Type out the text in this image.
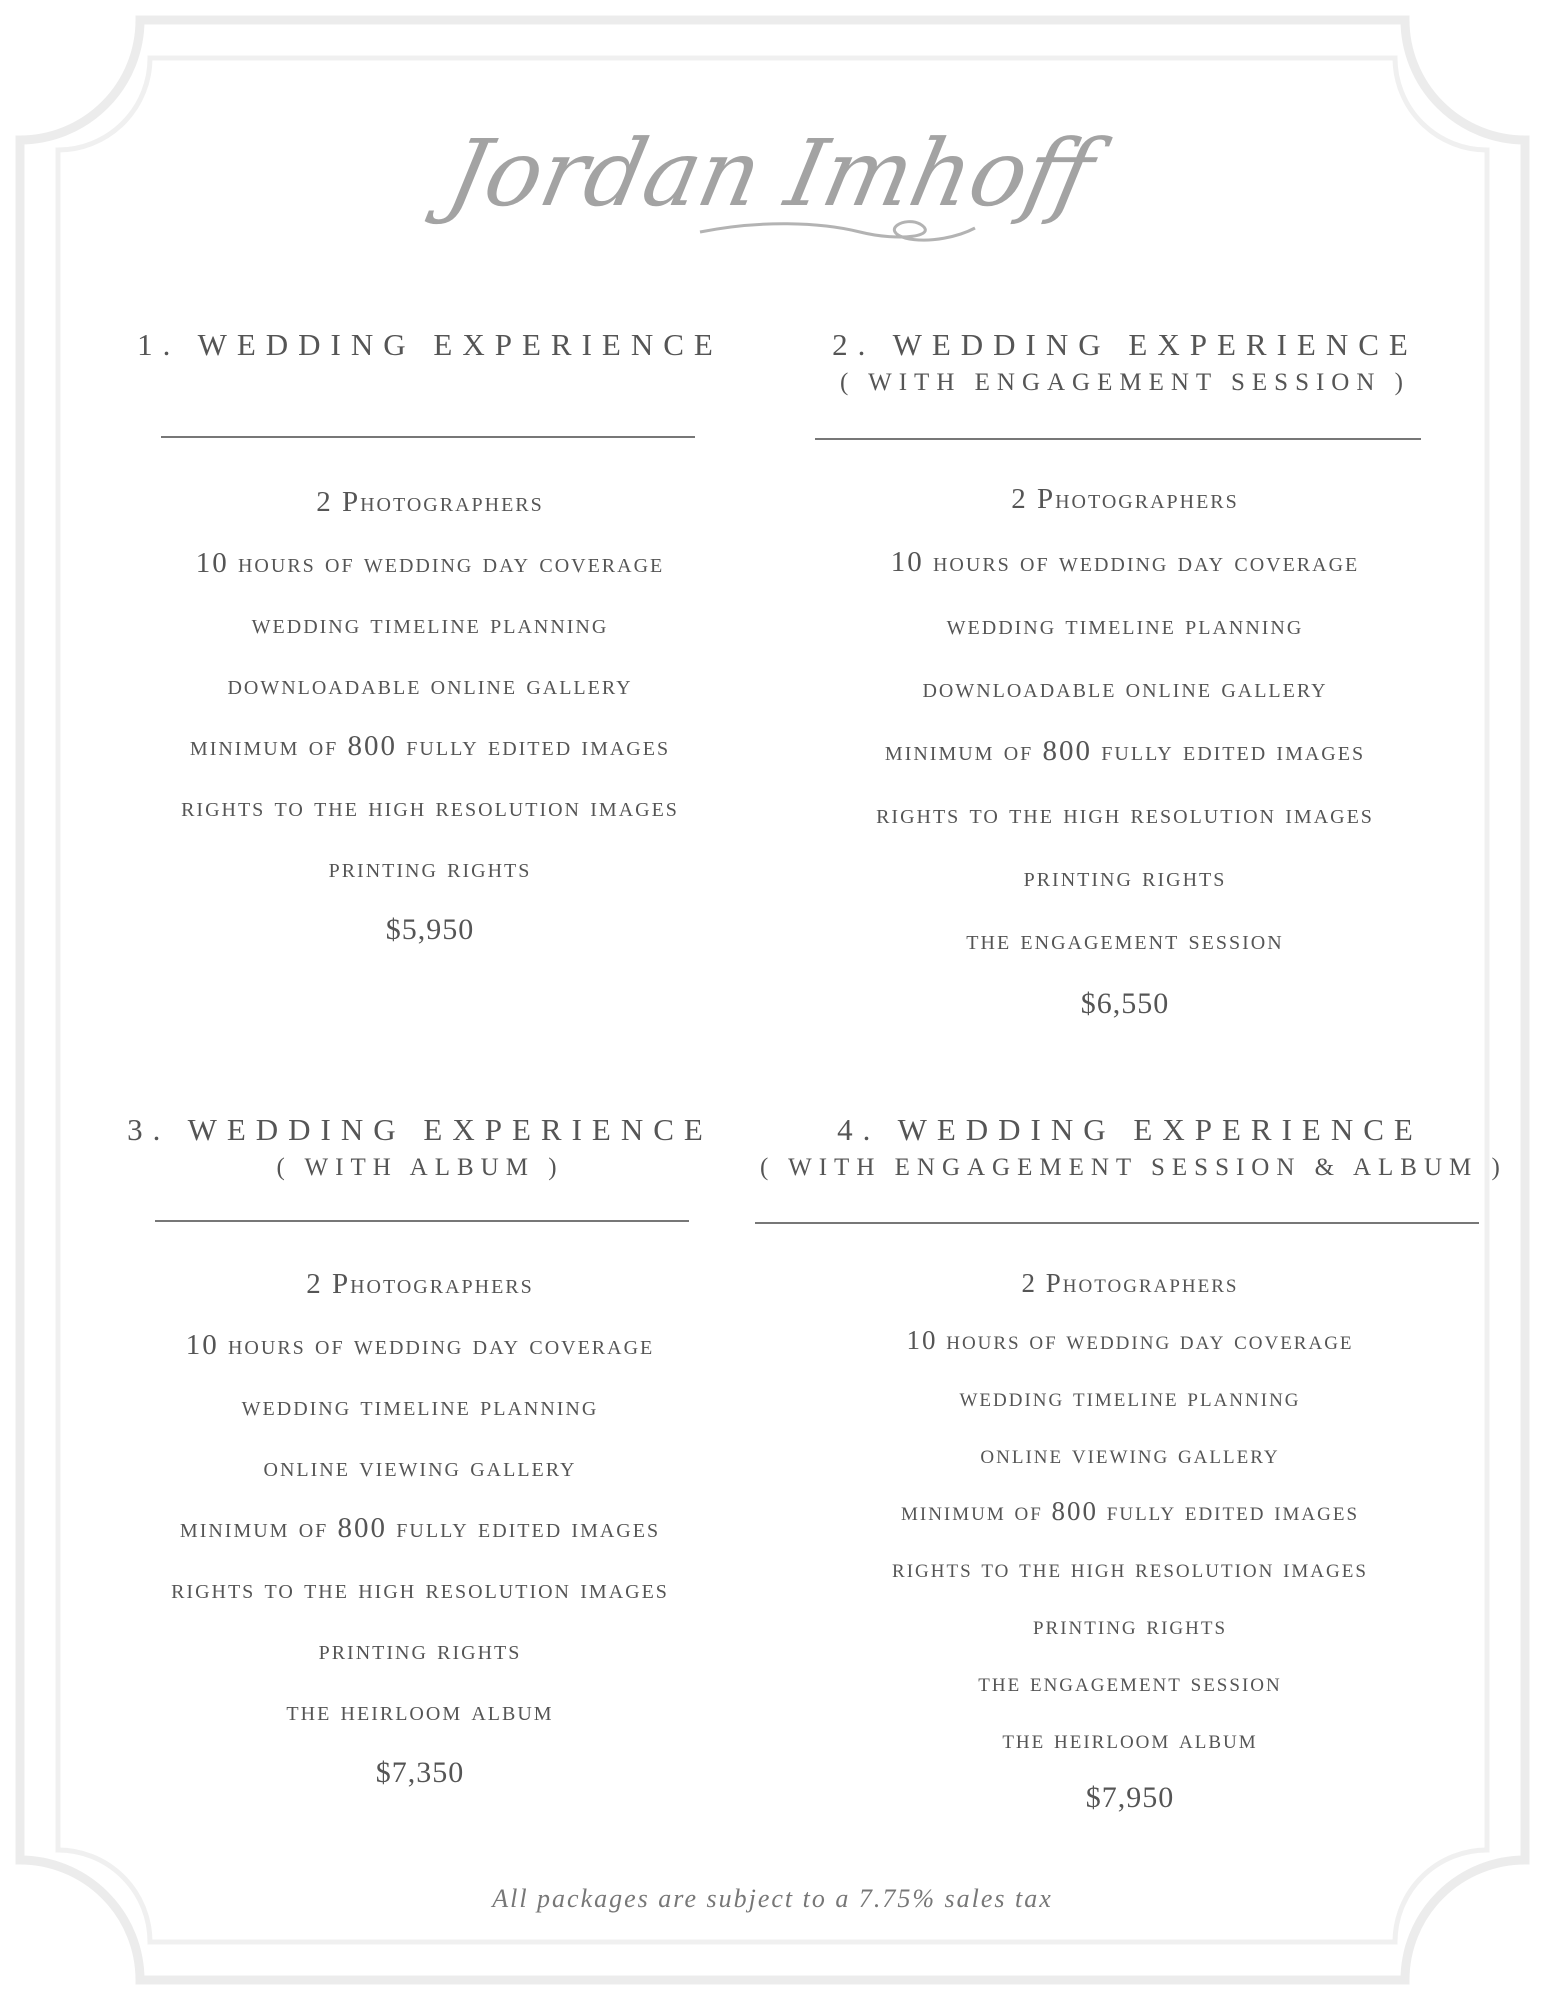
Jordan Imhoff

1. WEDDING EXPERIENCE

2 Photographers
10 hours of wedding day coverage
wedding timeline planning
downloadable online gallery
minimum of 800 fully edited images
rights to the high resolution images
printing rights
$5,950

2. WEDDING EXPERIENCE

( WITH ENGAGEMENT SESSION )

2 Photographers
10 hours of wedding day coverage
wedding timeline planning
downloadable online gallery
minimum of 800 fully edited images
rights to the high resolution images
printing rights
the engagement session
$6,550

3. WEDDING EXPERIENCE

( WITH ALBUM )

2 Photographers
10 hours of wedding day coverage
wedding timeline planning
online viewing gallery
minimum of 800 fully edited images
rights to the high resolution images
printing rights
the heirloom album
$7,350

4. WEDDING EXPERIENCE

( WITH ENGAGEMENT SESSION & ALBUM )

2 Photographers
10 hours of wedding day coverage
wedding timeline planning
online viewing gallery
minimum of 800 fully edited images
rights to the high resolution images
printing rights
the engagement session
the heirloom album
$7,950
All packages are subject to a 7.75% sales tax
